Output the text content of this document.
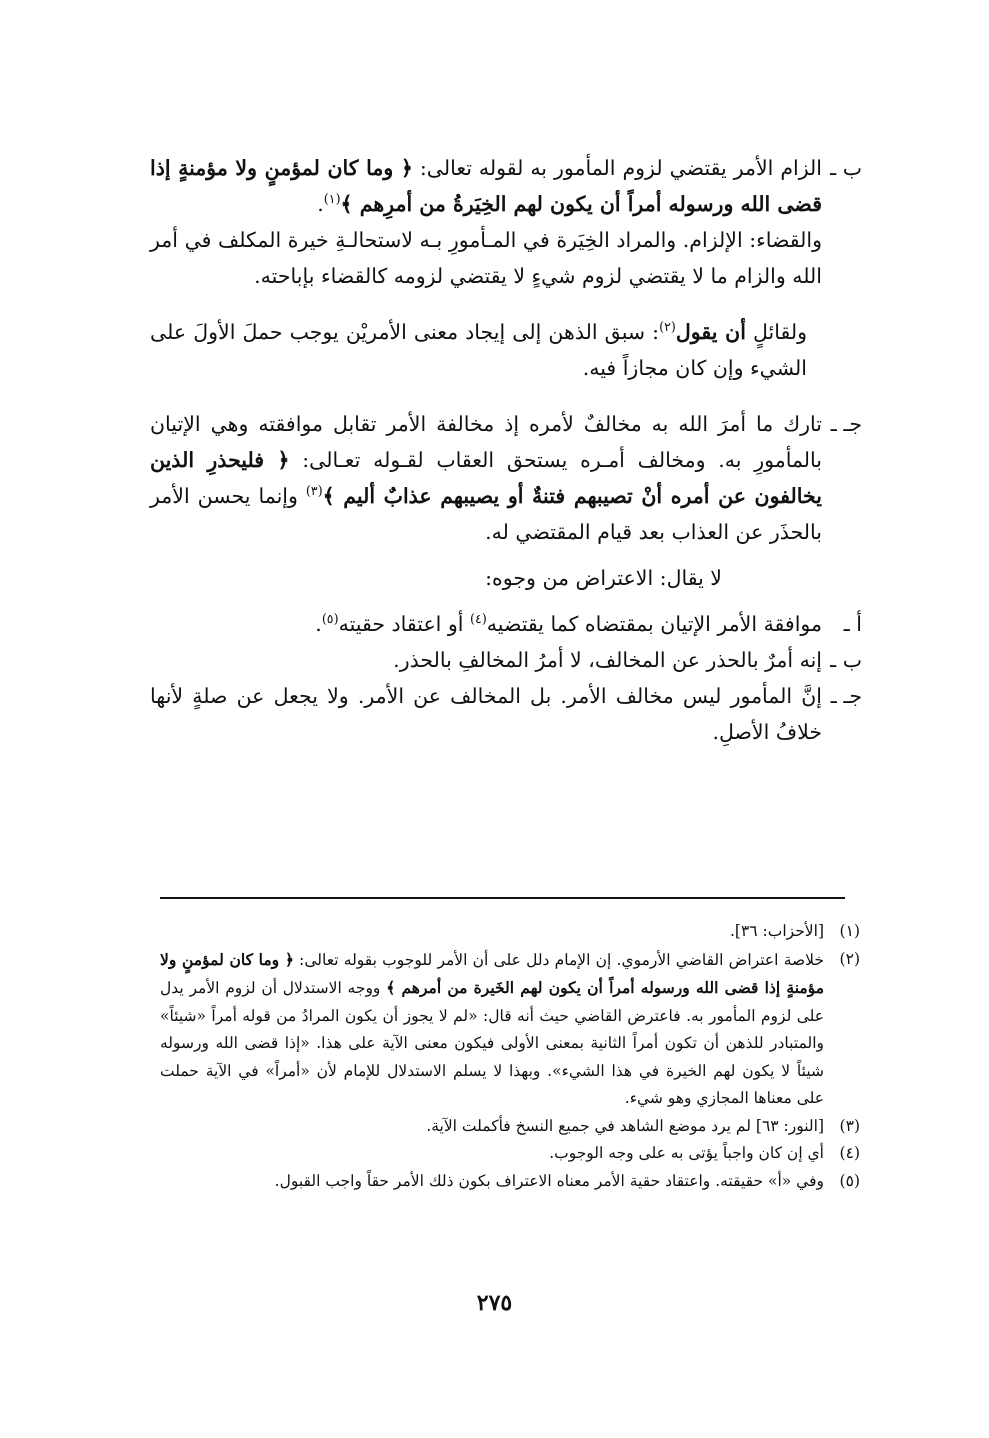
ب ـ
الزام الأمر يقتضي لزوم المأمور به لقوله تعالى: ﴿ وما كان لمؤمنٍ ولا مؤمنةٍ إذا قضى الله ورسوله أمراً أن يكون لهم الخِيَرةُ من أمرِهم ﴾$^{(١)}$.
والقضاء: الإلزام. والمراد الخِيَرة في المـأمورِ بـه لاستحالـةِ خيرة المكلف في أمر الله والزام ما لا يقتضي لزوم شيءٍ لا يقتضي لزومه كالقضاء بإباحته.
ولقائلٍ أن يقول$^{(٢)}$: سبق الذهن إلى إيجاد معنى الأمريْن يوجب حملَ الأولَ على الشيء وإن كان مجازاً فيه.
جـ ـ
تارك ما أمرَ الله به مخالفٌ لأمره إذ مخالفة الأمر تقابل موافقته وهي الإتيان بالمأمورِ به. ومخالف أمـره يستحق العقاب لقـوله تعـالى: ﴿ فليحذرِ الذين يخالفون عن أمره أنْ تصيبهم فتنةٌ أو يصيبهم عذابٌ أليم ﴾$^{(٣)}$ وإنما يحسن الأمر بالحذَر عن العذاب بعد قيام المقتضي له.
لا يقال: الاعتراض من وجوه:
أ ـ
موافقة الأمر الإتيان بمقتضاه كما يقتضيه$^{(٤)}$ أو اعتقاد حقيته$^{(٥)}$.
ب ـ
إنه أمرٌ بالحذر عن المخالف، لا أمرُ المخالفِ بالحذر.
جـ ـ
إنَّ المأمور ليس مخالف الأمر. بل المخالف عن الأمر. ولا يجعل عن صلةٍ لأنها خلافُ الأصلِ.
(١)
[الأحزاب: ٣٦].
(٢)
خلاصة اعتراض القاضي الأرموي. إن الإمام دلل على أن الأمر للوجوب بقوله تعالى: ﴿ وما كان لمؤمنٍ ولا مؤمنةٍ إذا قضى الله ورسوله أمراً أن يكون لهم الخَيرة من أمرهم ﴾ ووجه الاستدلال أن لزوم الأمر يدل على لزوم المأمور به. فاعترض القاضي حيث أنه قال: «لم لا يجوز أن يكون المرادُ من قوله أمراً «شيئاً» والمتبادر للذهن أن تكون أمراً الثانية بمعنى الأولى فيكون معنى الآية على هذا. «إذا قضى الله ورسوله شيئاً لا يكون لهم الخيرة في هذا الشيء». وبهذا لا يسلم الاستدلال للإمام لأن «أمراً» في الآية حملت على معناها المجازي وهو شيء.
(٣)
[النور: ٦٣] لم يرد موضع الشاهد في جميع النسخ فأكملت الآية.
(٤)
أي إن كان واجباً يؤتى به على وجه الوجوب.
(٥)
وفي «أ» حقيقته. واعتقاد حقية الأمر معناه الاعتراف بكون ذلك الأمر حقاً واجب القبول.
٢٧٥
